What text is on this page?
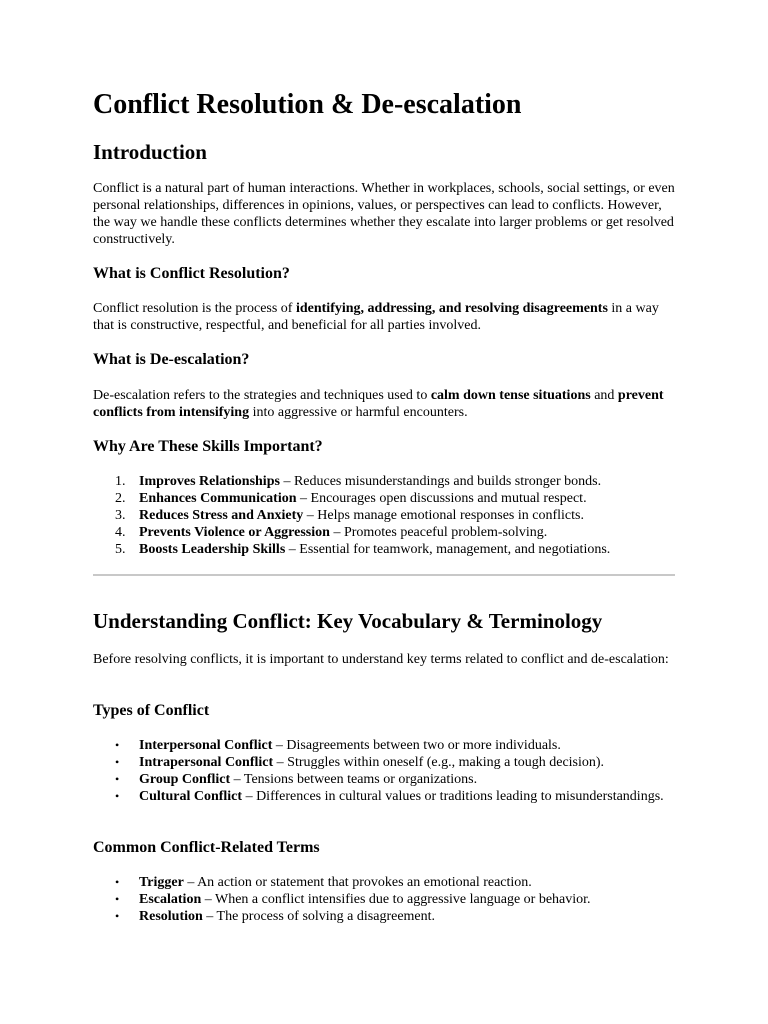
Conflict Resolution & De-escalation
Introduction

Conflict is a natural part of human interactions. Whether in workplaces, schools, social settings, or even personal relationships, differences in opinions, values, or perspectives can lead to conflicts. However, the way we handle these conflicts determines whether they escalate into larger problems or get resolved constructively.

What is Conflict Resolution?

Conflict resolution is the process of identifying, addressing, and resolving disagreements in a way that is constructive, respectful, and beneficial for all parties involved.

What is De-escalation?

De-escalation refers to the strategies and techniques used to calm down tense situations and prevent conflicts from intensifying into aggressive or harmful encounters.

Why Are These Skills Important?
1. Improves Relationships – Reduces misunderstandings and builds stronger bonds.
2. Enhances Communication – Encourages open discussions and mutual respect.
3. Reduces Stress and Anxiety – Helps manage emotional responses in conflicts.
4. Prevents Violence or Aggression – Promotes peaceful problem-solving.
5. Boosts Leadership Skills – Essential for teamwork, management, and negotiations.
Understanding Conflict: Key Vocabulary & Terminology

Before resolving conflicts, it is important to understand key terms related to conflict and de-escalation:

Types of Conflict
• Interpersonal Conflict – Disagreements between two or more individuals.
• Intrapersonal Conflict – Struggles within oneself (e.g., making a tough decision).
• Group Conflict – Tensions between teams or organizations.
• Cultural Conflict – Differences in cultural values or traditions leading to misunderstandings.
Common Conflict-Related Terms
• Trigger – An action or statement that provokes an emotional reaction.
• Escalation – When a conflict intensifies due to aggressive language or behavior.
• Resolution – The process of solving a disagreement.
